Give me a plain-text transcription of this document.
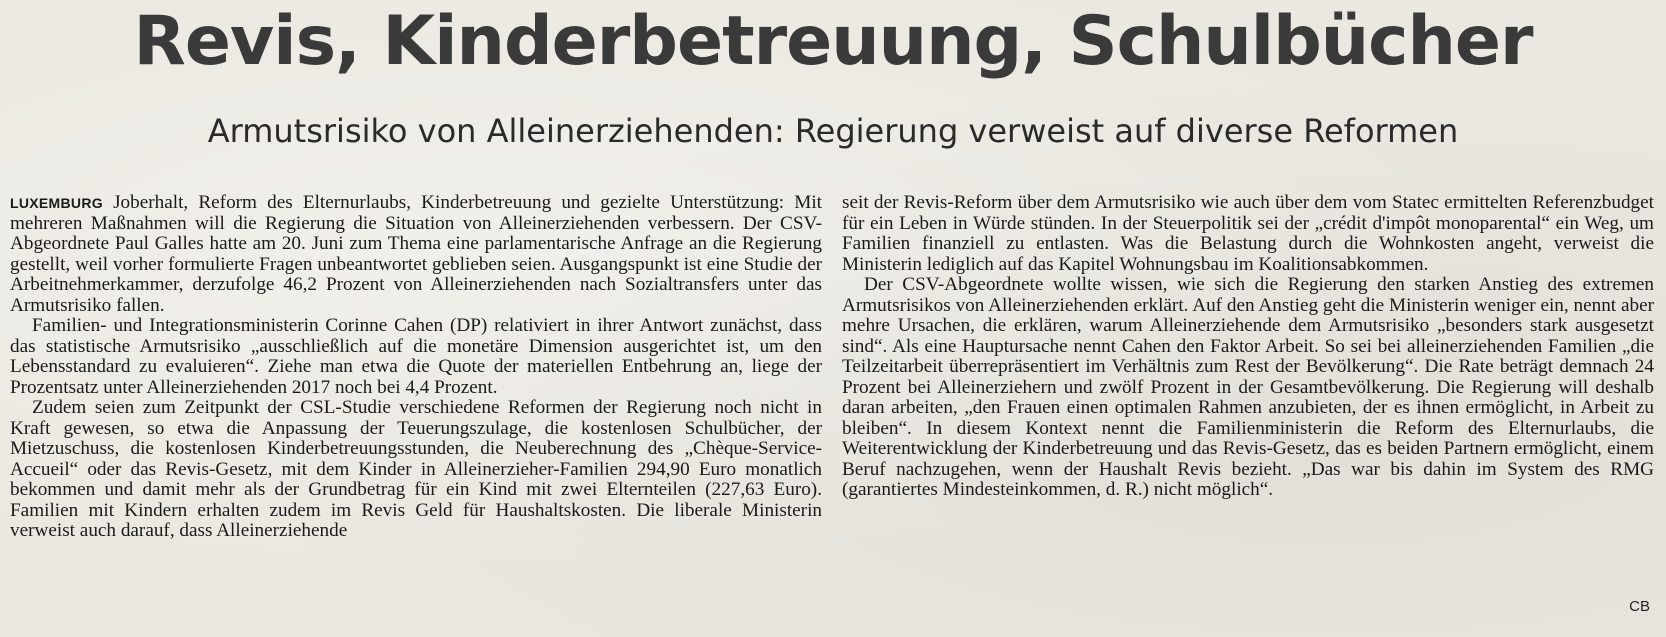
Revis, Kinderbetreuung, Schulbücher
Armutsrisiko von Alleinerziehenden: Regierung verweist auf diverse Reformen

LUXEMBURG Joberhalt, Reform des Elternurlaubs, Kinderbetreuung und gezielte Unterstützung: Mit mehreren Maßnahmen will die Regierung die Situation von Alleinerziehenden verbessern. Der CSV-Abgeordnete Paul Galles hatte am 20. Juni zum Thema eine parlamentarische Anfrage an die Regierung gestellt, weil vorher formulierte Fragen unbeantwortet geblieben seien. Ausgangspunkt ist eine Studie der Arbeitnehmerkammer, derzufolge 46,2 Prozent von Alleinerziehenden nach Sozialtransfers unter das Armutsrisiko fallen.

Familien- und Integrationsministerin Corinne Cahen (DP) relativiert in ihrer Antwort zunächst, dass das statistische Armutsrisiko „ausschließlich auf die monetäre Dimension ausgerichtet ist, um den Lebensstandard zu evaluieren“. Ziehe man etwa die Quote der materiellen Entbehrung an, liege der Prozentsatz unter Alleinerziehenden 2017 noch bei 4,4 Prozent.

Zudem seien zum Zeitpunkt der CSL-Studie verschiedene Reformen der Regierung noch nicht in Kraft gewesen, so etwa die Anpassung der Teuerungszulage, die kostenlosen Schulbücher, der Mietzuschuss, die kostenlosen Kinderbetreuungsstunden, die Neuberechnung des „Chèque-Service-Accueil“ oder das Revis-Gesetz, mit dem Kinder in Alleinerzieher-Familien 294,90 Euro monatlich bekommen und damit mehr als der Grundbetrag für ein Kind mit zwei Elternteilen (227,63 Euro). Familien mit Kindern erhalten zudem im Revis Geld für Haushaltskosten. Die liberale Ministerin verweist auch darauf, dass Alleinerziehende

seit der Revis-Reform über dem Armutsrisiko wie auch über dem vom Statec ermittelten Referenzbudget für ein Leben in Würde stünden. In der Steuerpolitik sei der „crédit d'impôt monoparental“ ein Weg, um Familien finanziell zu entlasten. Was die Belastung durch die Wohnkosten angeht, verweist die Ministerin lediglich auf das Kapitel Wohnungsbau im Koalitionsabkommen.

Der CSV-Abgeordnete wollte wissen, wie sich die Regierung den starken Anstieg des extremen Armutsrisikos von Alleinerziehenden erklärt. Auf den Anstieg geht die Ministerin weniger ein, nennt aber mehre Ursachen, die erklären, warum Alleinerziehende dem Armutsrisiko „besonders stark ausgesetzt sind“. Als eine Hauptursache nennt Cahen den Faktor Arbeit. So sei bei alleinerziehenden Familien „die Teilzeitarbeit überrepräsentiert im Verhältnis zum Rest der Bevölkerung“. Die Rate beträgt demnach 24 Prozent bei Alleinerziehern und zwölf Prozent in der Gesamtbevölkerung. Die Regierung will deshalb daran arbeiten, „den Frauen einen optimalen Rahmen anzubieten, der es ihnen ermöglicht, in Arbeit zu bleiben“. In diesem Kontext nennt die Familienministerin die Reform des Elternurlaubs, die Weiterentwicklung der Kinderbetreuung und das Revis-Gesetz, das es beiden Partnern ermöglicht, einem Beruf nachzugehen, wenn der Haushalt Revis bezieht. „Das war bis dahin im System des RMG (garantiertes Mindesteinkommen, d. R.) nicht möglich“.

CB
